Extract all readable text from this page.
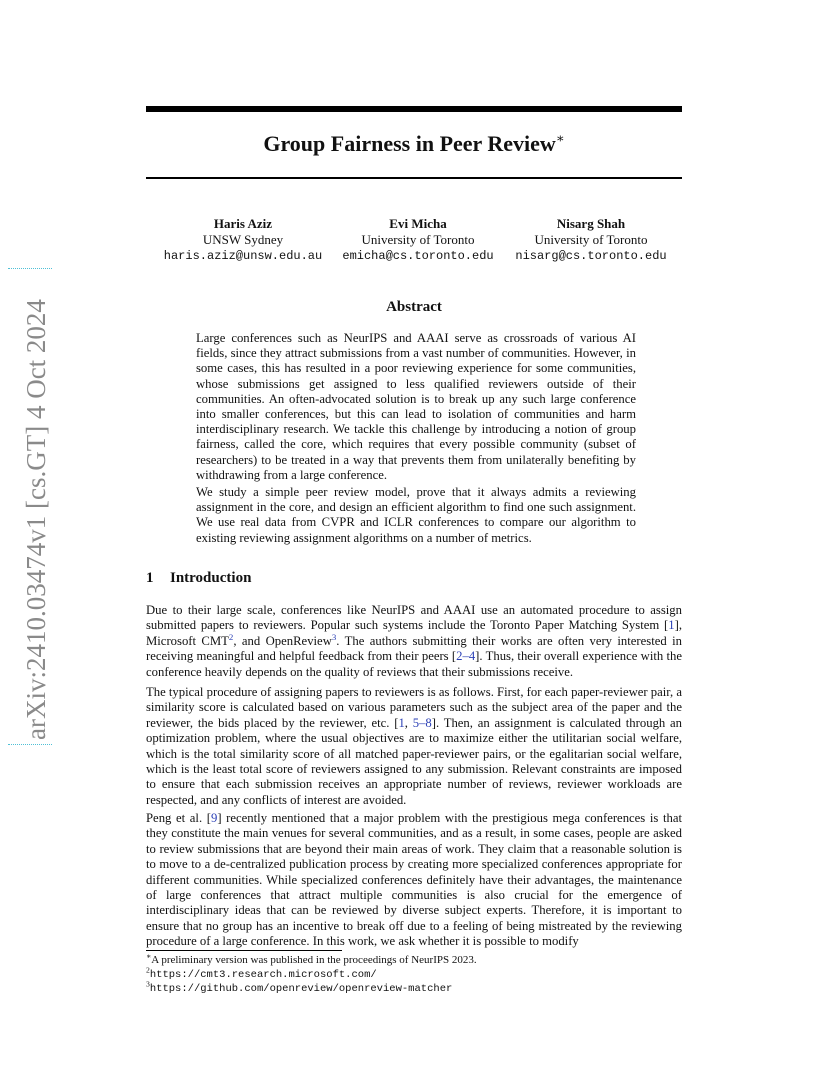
Group Fairness in Peer Review∗
Haris Aziz
UNSW Sydney
haris.aziz@unsw.edu.au
Evi Micha
University of Toronto
emicha@cs.toronto.edu
Nisarg Shah
University of Toronto
nisarg@cs.toronto.edu
arXiv:2410.03474v1 [cs.GT] 4 Oct 2024	Abstract

Large conferences such as NeurIPS and AAAI serve as crossroads of various AI fields, since they attract submissions from a vast number of communities. However, in some cases, this has resulted in a poor reviewing experience for some communities, whose submissions get assigned to less qualified reviewers outside of their communities. An often-advocated solution is to break up any such large conference into smaller conferences, but this can lead to isolation of communities and harm interdisciplinary research. We tackle this challenge by introducing a notion of group fairness, called the core, which requires that every possible community (subset of researchers) to be treated in a way that prevents them from unilaterally benefiting by withdrawing from a large conference.

We study a simple peer review model, prove that it always admits a reviewing assignment in the core, and design an efficient algorithm to find one such assignment. We use real data from CVPR and ICLR conferences to compare our algorithm to existing reviewing assignment algorithms on a number of metrics.

1 Introduction

Due to their large scale, conferences like NeurIPS and AAAI use an automated procedure to assign submitted papers to reviewers. Popular such systems include the Toronto Paper Matching System [1], Microsoft CMT$^2$, and OpenReview$^3$. The authors submitting their works are often very interested in receiving meaningful and helpful feedback from their peers [2–4]. Thus, their overall experience with the conference heavily depends on the quality of reviews that their submissions receive.

The typical procedure of assigning papers to reviewers is as follows. First, for each paper-reviewer pair, a similarity score is calculated based on various parameters such as the subject area of the paper and the reviewer, the bids placed by the reviewer, etc. [1, 5–8]. Then, an assignment is calculated through an optimization problem, where the usual objectives are to maximize either the utilitarian social welfare, which is the total similarity score of all matched paper-reviewer pairs, or the egalitarian social welfare, which is the least total score of reviewers assigned to any submission. Relevant constraints are imposed to ensure that each submission receives an appropriate number of reviews, reviewer workloads are respected, and any conflicts of interest are avoided.

Peng et al. [9] recently mentioned that a major problem with the prestigious mega conferences is that they constitute the main venues for several communities, and as a result, in some cases, people are asked to review submissions that are beyond their main areas of work. They claim that a reasonable solution is to move to a de-centralized publication process by creating more specialized conferences appropriate for different communities. While specialized conferences definitely have their advantages, the maintenance of large conferences that attract multiple communities is also crucial for the emergence of interdisciplinary ideas that can be reviewed by diverse subject experts. Therefore, it is important to ensure that no group has an incentive to break off due to a feeling of being mistreated by the reviewing procedure of a large conference. In this work, we ask whether it is possible to modify

∗A preliminary version was published in the proceedings of NeurIPS 2023.
$^2$https://cmt3.research.microsoft.com/
$^3$https://github.com/openreview/openreview-matcher
